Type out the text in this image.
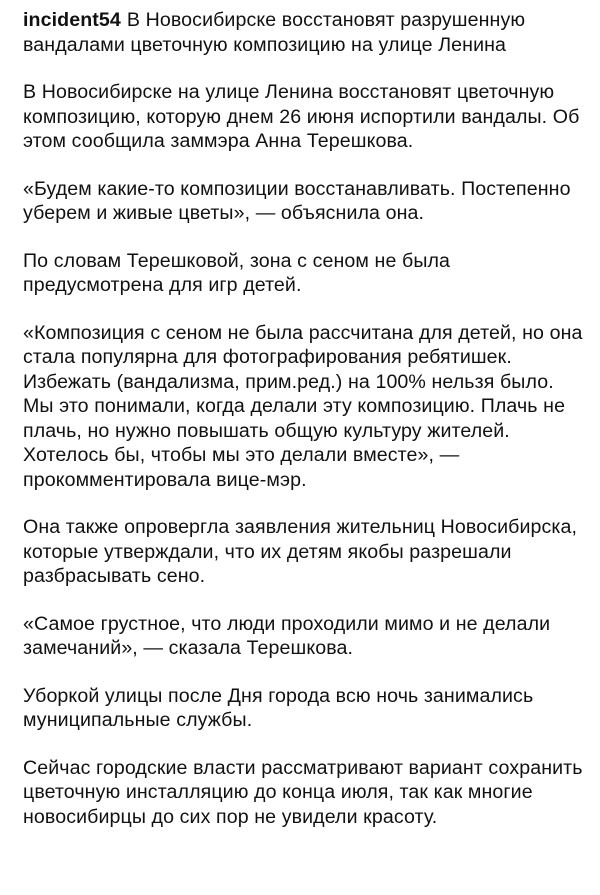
incident54 В Новосибирске восстановят разрушенную вандалами цветочную композицию на улице Ленина

В Новосибирске на улице Ленина восстановят цветочную композицию, которую днем 26 июня испортили вандалы. Об этом сообщила заммэра Анна Терешкова.

«Будем какие-то композиции восстанавливать. Постепенно уберем и живые цветы», — объяснила она.

По словам Терешковой, зона с сеном не была предусмотрена для игр детей.

«Композиция с сеном не была рассчитана для детей, но она стала популярна для фотографирования ребятишек. Избежать (вандализма, прим.ред.) на 100% нельзя было. Мы это понимали, когда делали эту композицию. Плачь не плачь, но нужно повышать общую культуру жителей. Хотелось бы, чтобы мы это делали вместе», — прокомментировала вице-мэр.

Она также опровергла заявления жительниц Новосибирска, которые утверждали, что их детям якобы разрешали разбрасывать сено.

«Самое грустное, что люди проходили мимо и не делали замечаний», — сказала Терешкова.

Уборкой улицы после Дня города всю ночь занимались муниципальные службы.

Сейчас городские власти рассматривают вариант сохранить цветочную инсталляцию до конца июля, так как многие новосибирцы до сих пор не увидели красоту.
